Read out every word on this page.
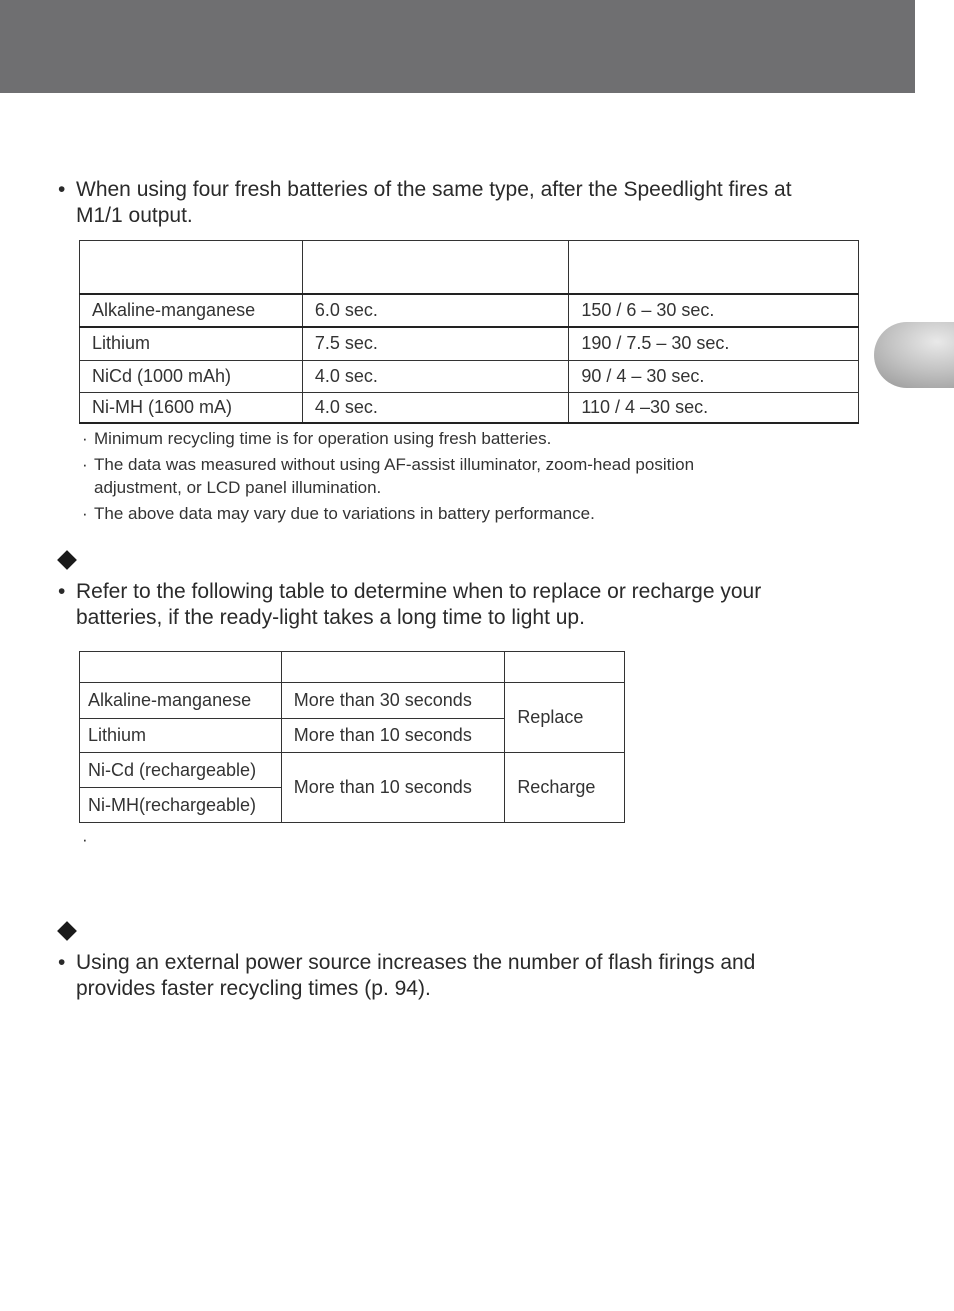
• When using four fresh batteries of the same type, after the Speedlight fires at
M1/1 output.

Alkaline-manganese	6.0 sec.	150 / 6 – 30 sec.
Lithium	7.5 sec.	190 / 7.5 – 30 sec.
NiCd (1000 mAh)	4.0 sec.	90 / 4 – 30 sec.
Ni-MH (1600 mA)	4.0 sec.	110 / 4 –30 sec.
· Minimum recycling time is for operation using fresh batteries.
· The data was measured without using AF-assist illuminator, zoom-head position
adjustment, or LCD panel illumination.
· The above data may vary due to variations in battery performance.
• Refer to the following table to determine when to replace or recharge your
batteries, if the ready-light takes a long time to light up.

Alkaline-manganese	More than 30 seconds	Replace
Lithium	More than 10 seconds	
Ni-Cd (rechargeable)	More than 10 seconds	Recharge
Ni-MH(rechargeable)		
·
• Using an external power source increases the number of flash firings and
provides faster recycling times (p. 94).
